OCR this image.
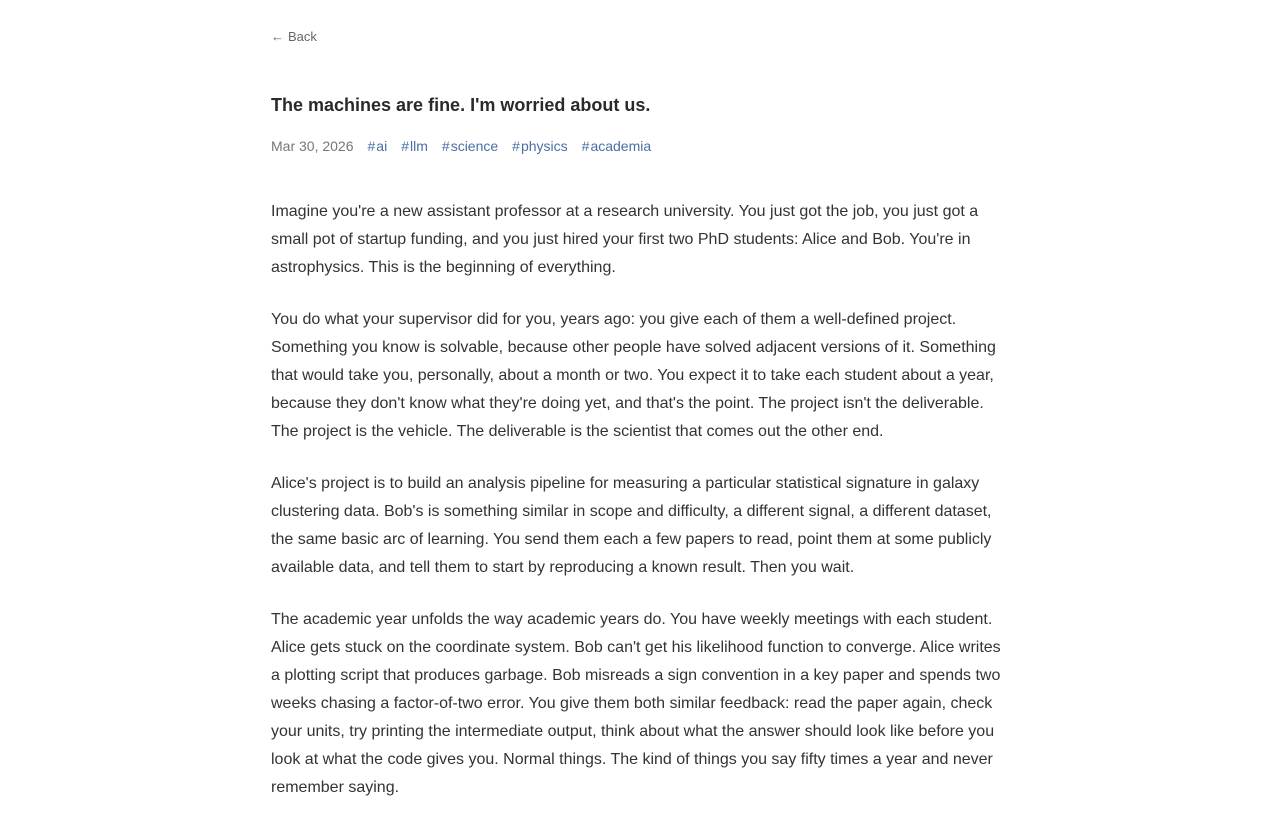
← Back
The machines are fine. I'm worried about us.
Mar 30, 2026 #ai #llm #science #physics #academia

Imagine you're a new assistant professor at a research university. You just got the job, you just got a small pot of startup funding, and you just hired your first two PhD students: Alice and Bob. You're in astrophysics. This is the beginning of everything.

You do what your supervisor did for you, years ago: you give each of them a well-defined project. Something you know is solvable, because other people have solved adjacent versions of it. Something that would take you, personally, about a month or two. You expect it to take each student about a year, because they don't know what they're doing yet, and that's the point. The project isn't the deliverable. The project is the vehicle. The deliverable is the scientist that comes out the other end.

Alice's project is to build an analysis pipeline for measuring a particular statistical signature in galaxy clustering data. Bob's is something similar in scope and difficulty, a different signal, a different dataset, the same basic arc of learning. You send them each a few papers to read, point them at some publicly available data, and tell them to start by reproducing a known result. Then you wait.

The academic year unfolds the way academic years do. You have weekly meetings with each student. Alice gets stuck on the coordinate system. Bob can't get his likelihood function to converge. Alice writes a plotting script that produces garbage. Bob misreads a sign convention in a key paper and spends two weeks chasing a factor-of-two error. You give them both similar feedback: read the paper again, check your units, try printing the intermediate output, think about what the answer should look like before you look at what the code gives you. Normal things. The kind of things you say fifty times a year and never remember saying.
